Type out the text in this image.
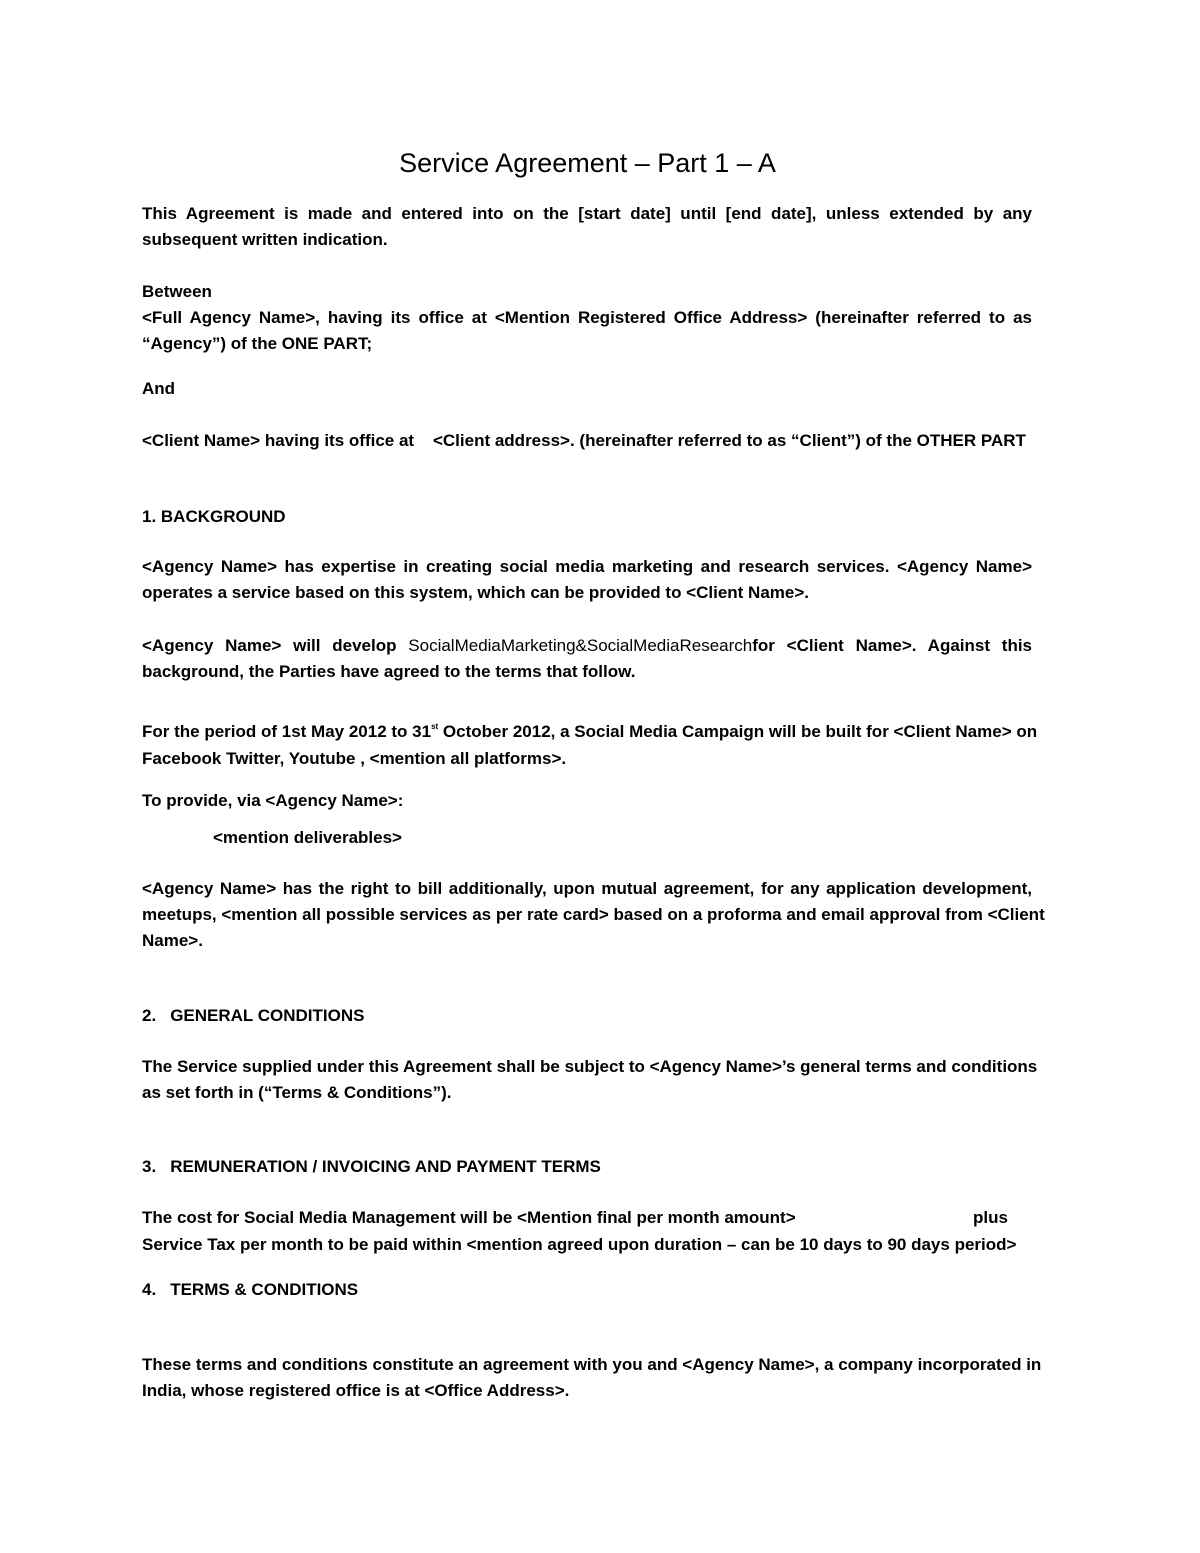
Service Agreement – Part 1 – A

This Agreement is made and entered into on the [start date] until [end date], unless extended by any

subsequent written indication.

Between

<Full Agency Name>, having its office at <Mention Registered Office Address> (hereinafter referred to as

“Agency”) of the ONE PART;

And

<Client Name> having its office at    <Client address>. (hereinafter referred to as “Client”) of the OTHER PART

1. BACKGROUND

<Agency Name> has expertise in creating social media marketing and research services. <Agency Name>

operates a service based on this system, which can be provided to <Client Name>.

<Agency Name> will develop SocialMediaMarketing&SocialMediaResearchfor <Client Name>. Against this

background, the Parties have agreed to the terms that follow.

For the period of 1st May 2012 to 31st October 2012, a Social Media Campaign will be built for <Client Name> on

Facebook Twitter, Youtube , <mention all platforms>.

To provide, via <Agency Name>:

<mention deliverables>

<Agency Name> has the right to bill additionally, upon mutual agreement, for any application development,

meetups, <mention all possible services as per rate card> based on a proforma and email approval from <Client

Name>.

2. GENERAL CONDITIONS

The Service supplied under this Agreement shall be subject to <Agency Name>’s general terms and conditions

as set forth in (“Terms & Conditions”).

3. REMUNERATION / INVOICING AND PAYMENT TERMS

The cost for Social Media Management will be <Mention final per month amount>	plus

Service Tax per month to be paid within <mention agreed upon duration – can be 10 days to 90 days period>

4. TERMS & CONDITIONS

These terms and conditions constitute an agreement with you and <Agency Name>, a company incorporated in

India, whose registered office is at <Office Address>.
